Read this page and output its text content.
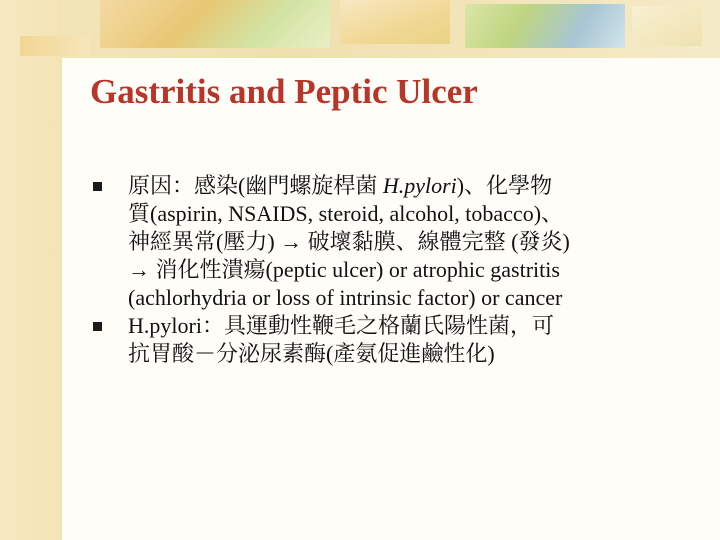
Gastritis and Peptic Ulcer
原因：感染(幽門螺旋桿菌 H.pylori)、化學物
質(aspirin, NSAIDS, steroid, alcohol, tobacco)、
神經異常(壓力) → 破壞黏膜、線體完整 (發炎)
→ 消化性潰瘍(peptic ulcer) or atrophic gastritis
(achlorhydria or loss of intrinsic factor) or cancer
H.pylori：具運動性鞭毛之格蘭氏陽性菌，可
抗胃酸－分泌尿素酶(產氨促進鹼性化)
